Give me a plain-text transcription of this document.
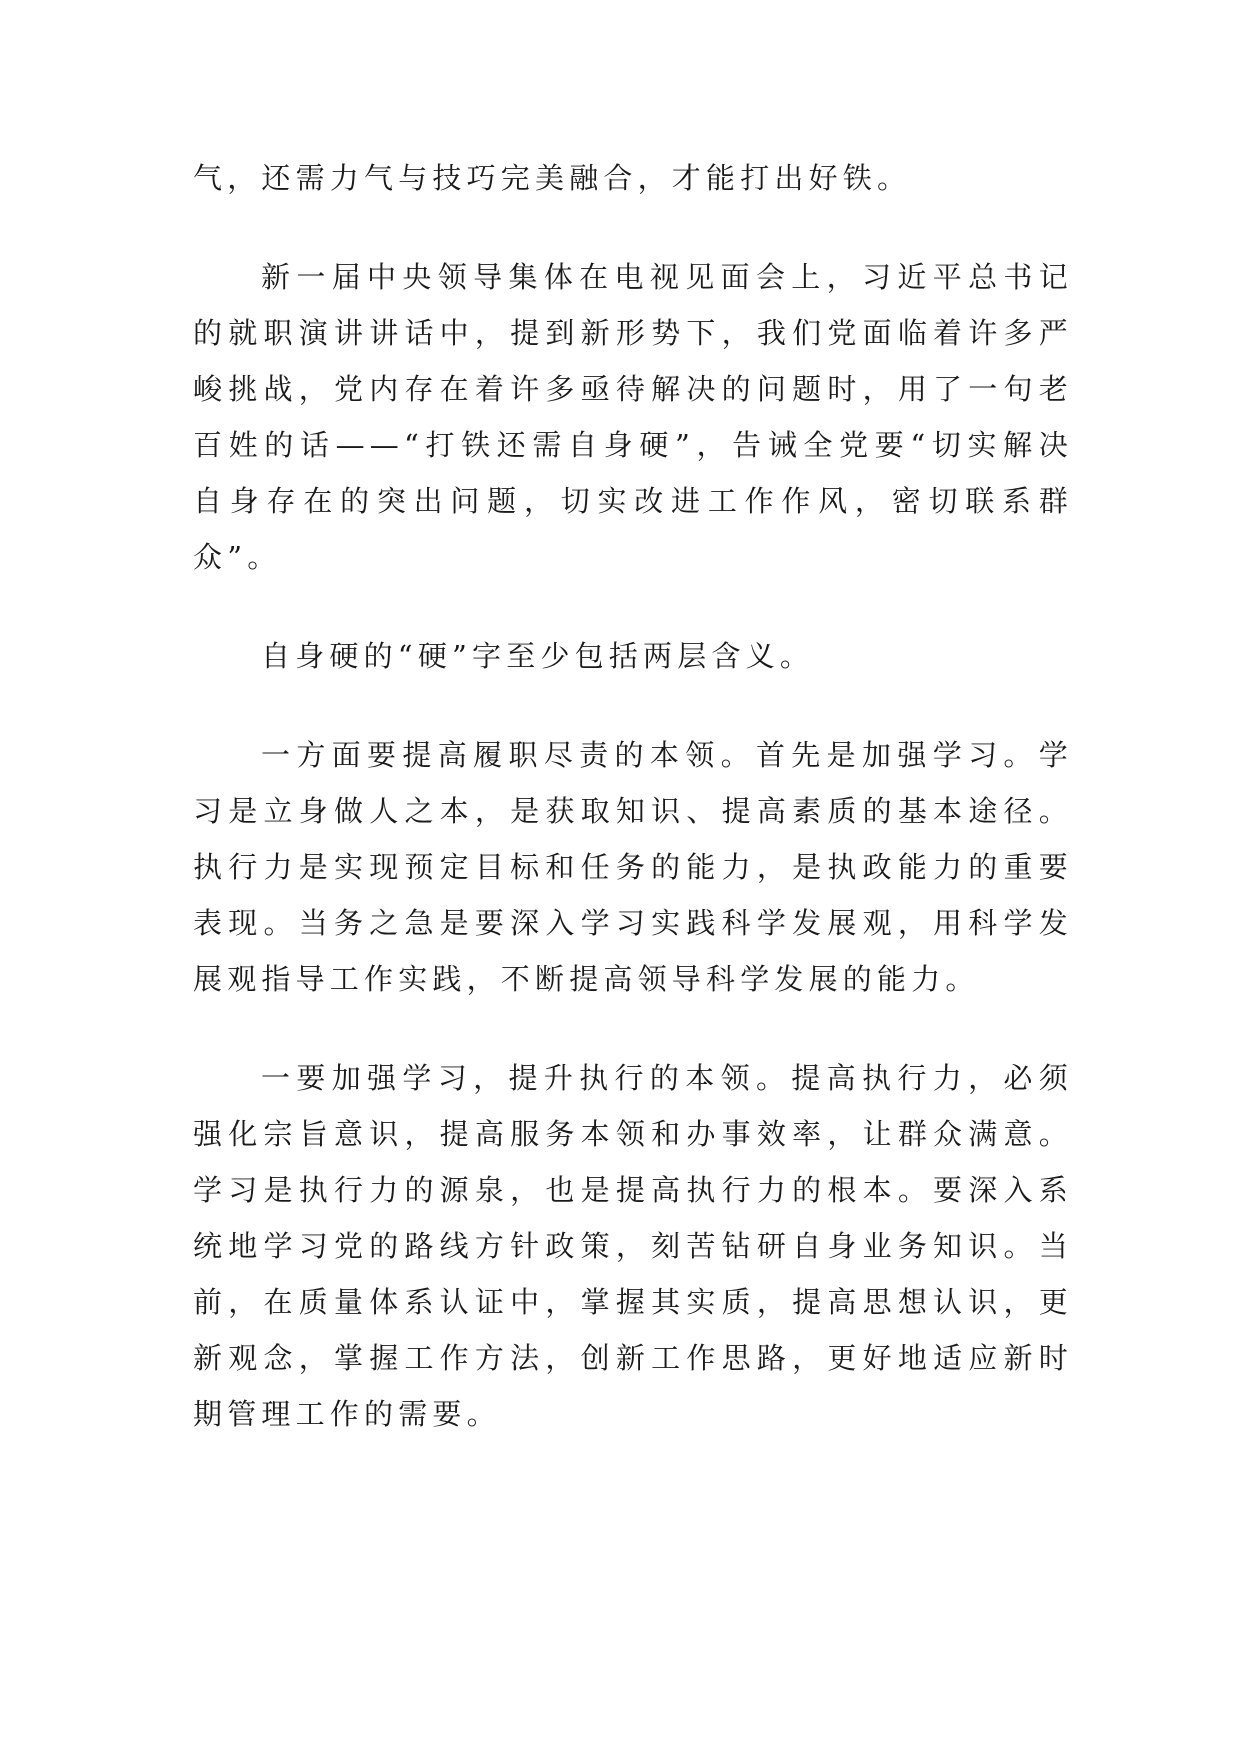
气，还需力气与技巧完美融合，才能打出好铁。

新一届中央领导集体在电视见面会上，习近平总书记的就职演讲讲话中，提到新形势下，我们党面临着许多严峻挑战，党内存在着许多亟待解决的问题时，用了一句老百姓的话——“打铁还需自身硬”，告诫全党要“切实解决自身存在的突出问题，切实改进工作作风，密切联系群众”。

自身硬的“硬”字至少包括两层含义。

一方面要提高履职尽责的本领。首先是加强学习。学习是立身做人之本，是获取知识、提高素质的基本途径。执行力是实现预定目标和任务的能力，是执政能力的重要表现。当务之急是要深入学习实践科学发展观，用科学发展观指导工作实践，不断提高领导科学发展的能力。

一要加强学习，提升执行的本领。提高执行力，必须强化宗旨意识，提高服务本领和办事效率，让群众满意。学习是执行力的源泉，也是提高执行力的根本。要深入系统地学习党的路线方针政策，刻苦钻研自身业务知识。当前，在质量体系认证中，掌握其实质，提高思想认识，更新观念，掌握工作方法，创新工作思路，更好地适应新时期管理工作的需要。
